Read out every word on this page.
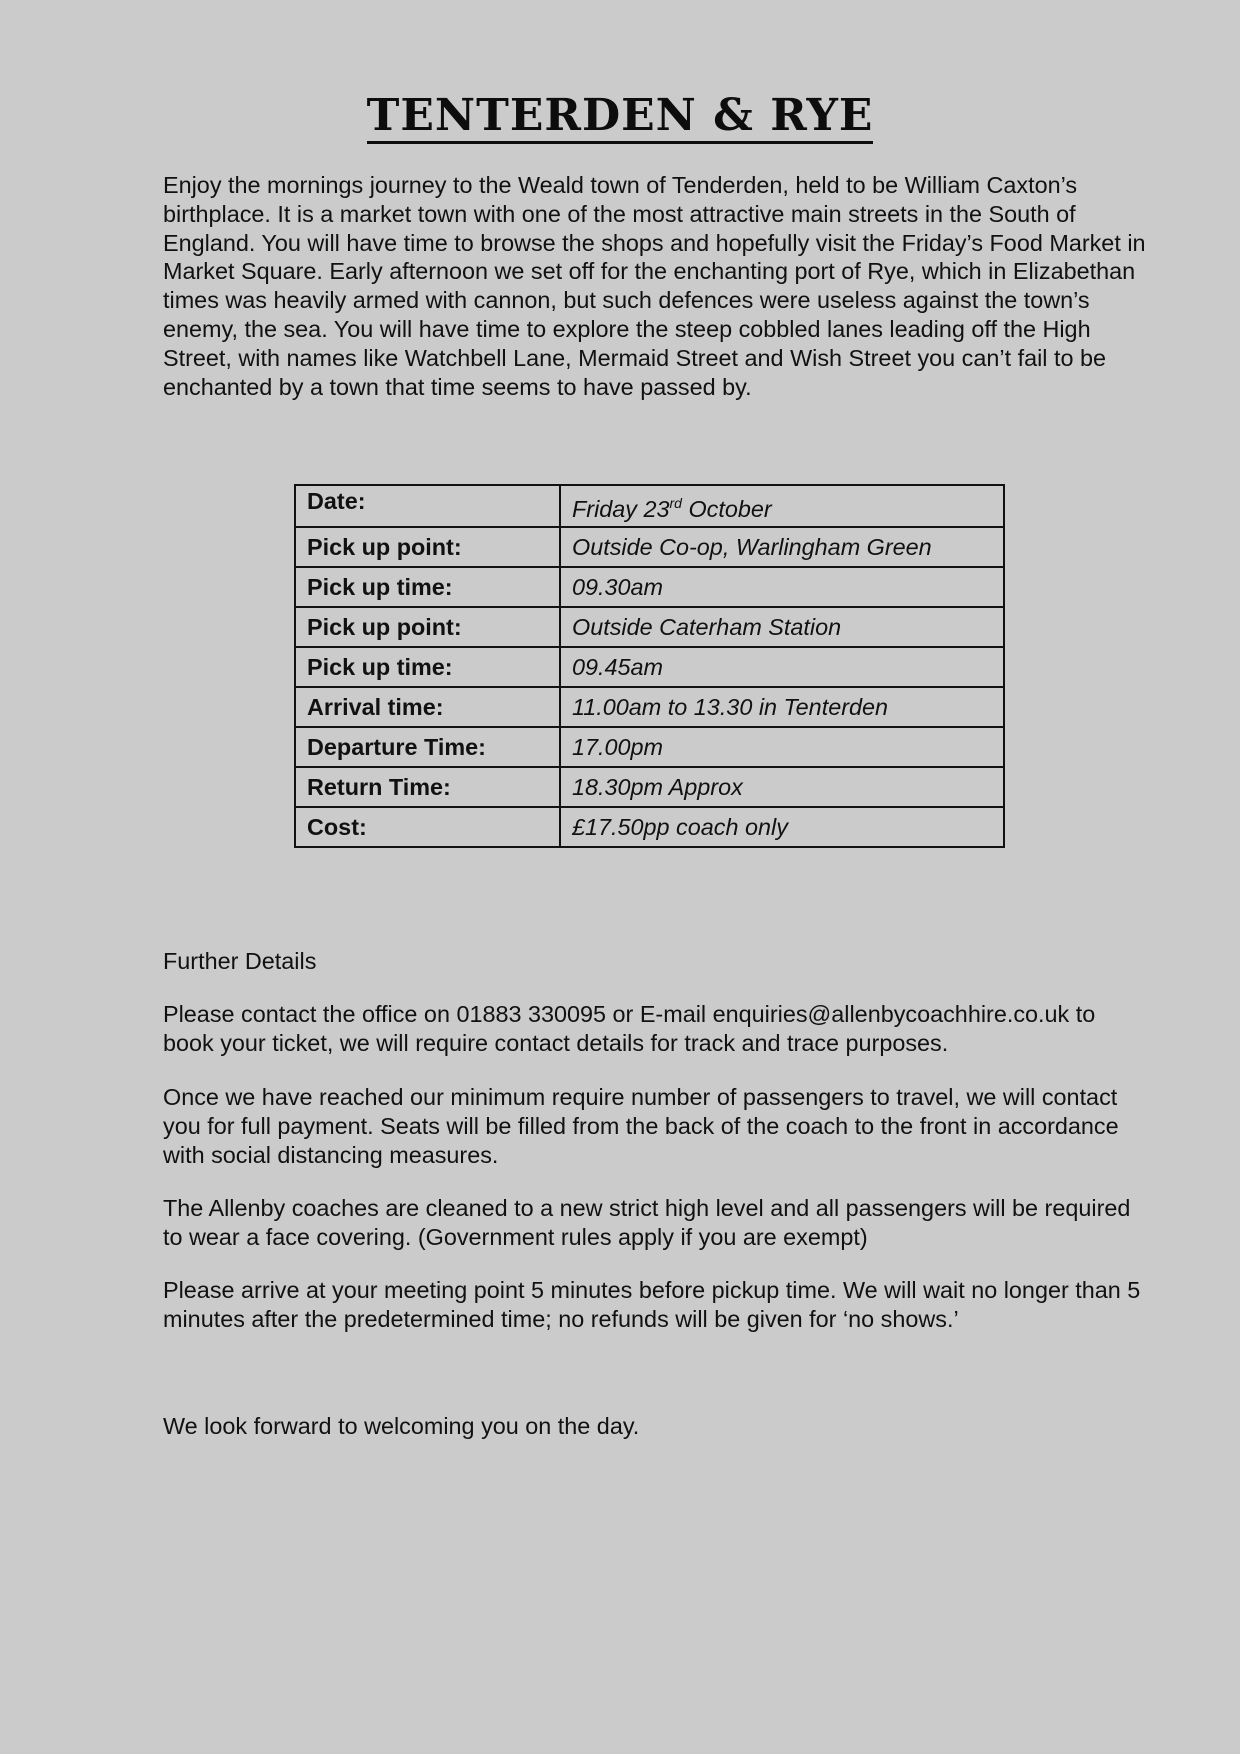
TENTERDEN & RYE
Enjoy the mornings journey to the Weald town of Tenderden, held to be William Caxton’s birthplace. It is a market town with one of the most attractive main streets in the South of England. You will have time to browse the shops and hopefully visit the Friday’s Food Market in Market Square. Early afternoon we set off for the enchanting port of Rye, which in Elizabethan times was heavily armed with cannon, but such defences were useless against the town’s enemy, the sea. You will have time to explore the steep cobbled lanes leading off the High Street, with names like Watchbell Lane, Mermaid Street and Wish Street you can’t fail to be enchanted by a town that time seems to have passed by.
Date:	Friday 23rd October
Pick up point:	Outside Co-op, Warlingham Green
Pick up time:	09.30am
Pick up point:	Outside Caterham Station
Pick up time:	09.45am
Arrival time:	11.00am to 13.30 in Tenterden
Departure Time:	17.00pm
Return Time:	18.30pm Approx
Cost:	£17.50pp coach only
Further Details
Please contact the office on 01883 330095 or E-mail enquiries@allenbycoachhire.co.uk to book your ticket, we will require contact details for track and trace purposes.
Once we have reached our minimum require number of passengers to travel, we will contact you for full payment. Seats will be filled from the back of the coach to the front in accordance with social distancing measures.
The Allenby coaches are cleaned to a new strict high level and all passengers will be required to wear a face covering. (Government rules apply if you are exempt)
Please arrive at your meeting point 5 minutes before pickup time. We will wait no longer than 5 minutes after the predetermined time; no refunds will be given for ‘no shows.’
We look forward to welcoming you on the day.
